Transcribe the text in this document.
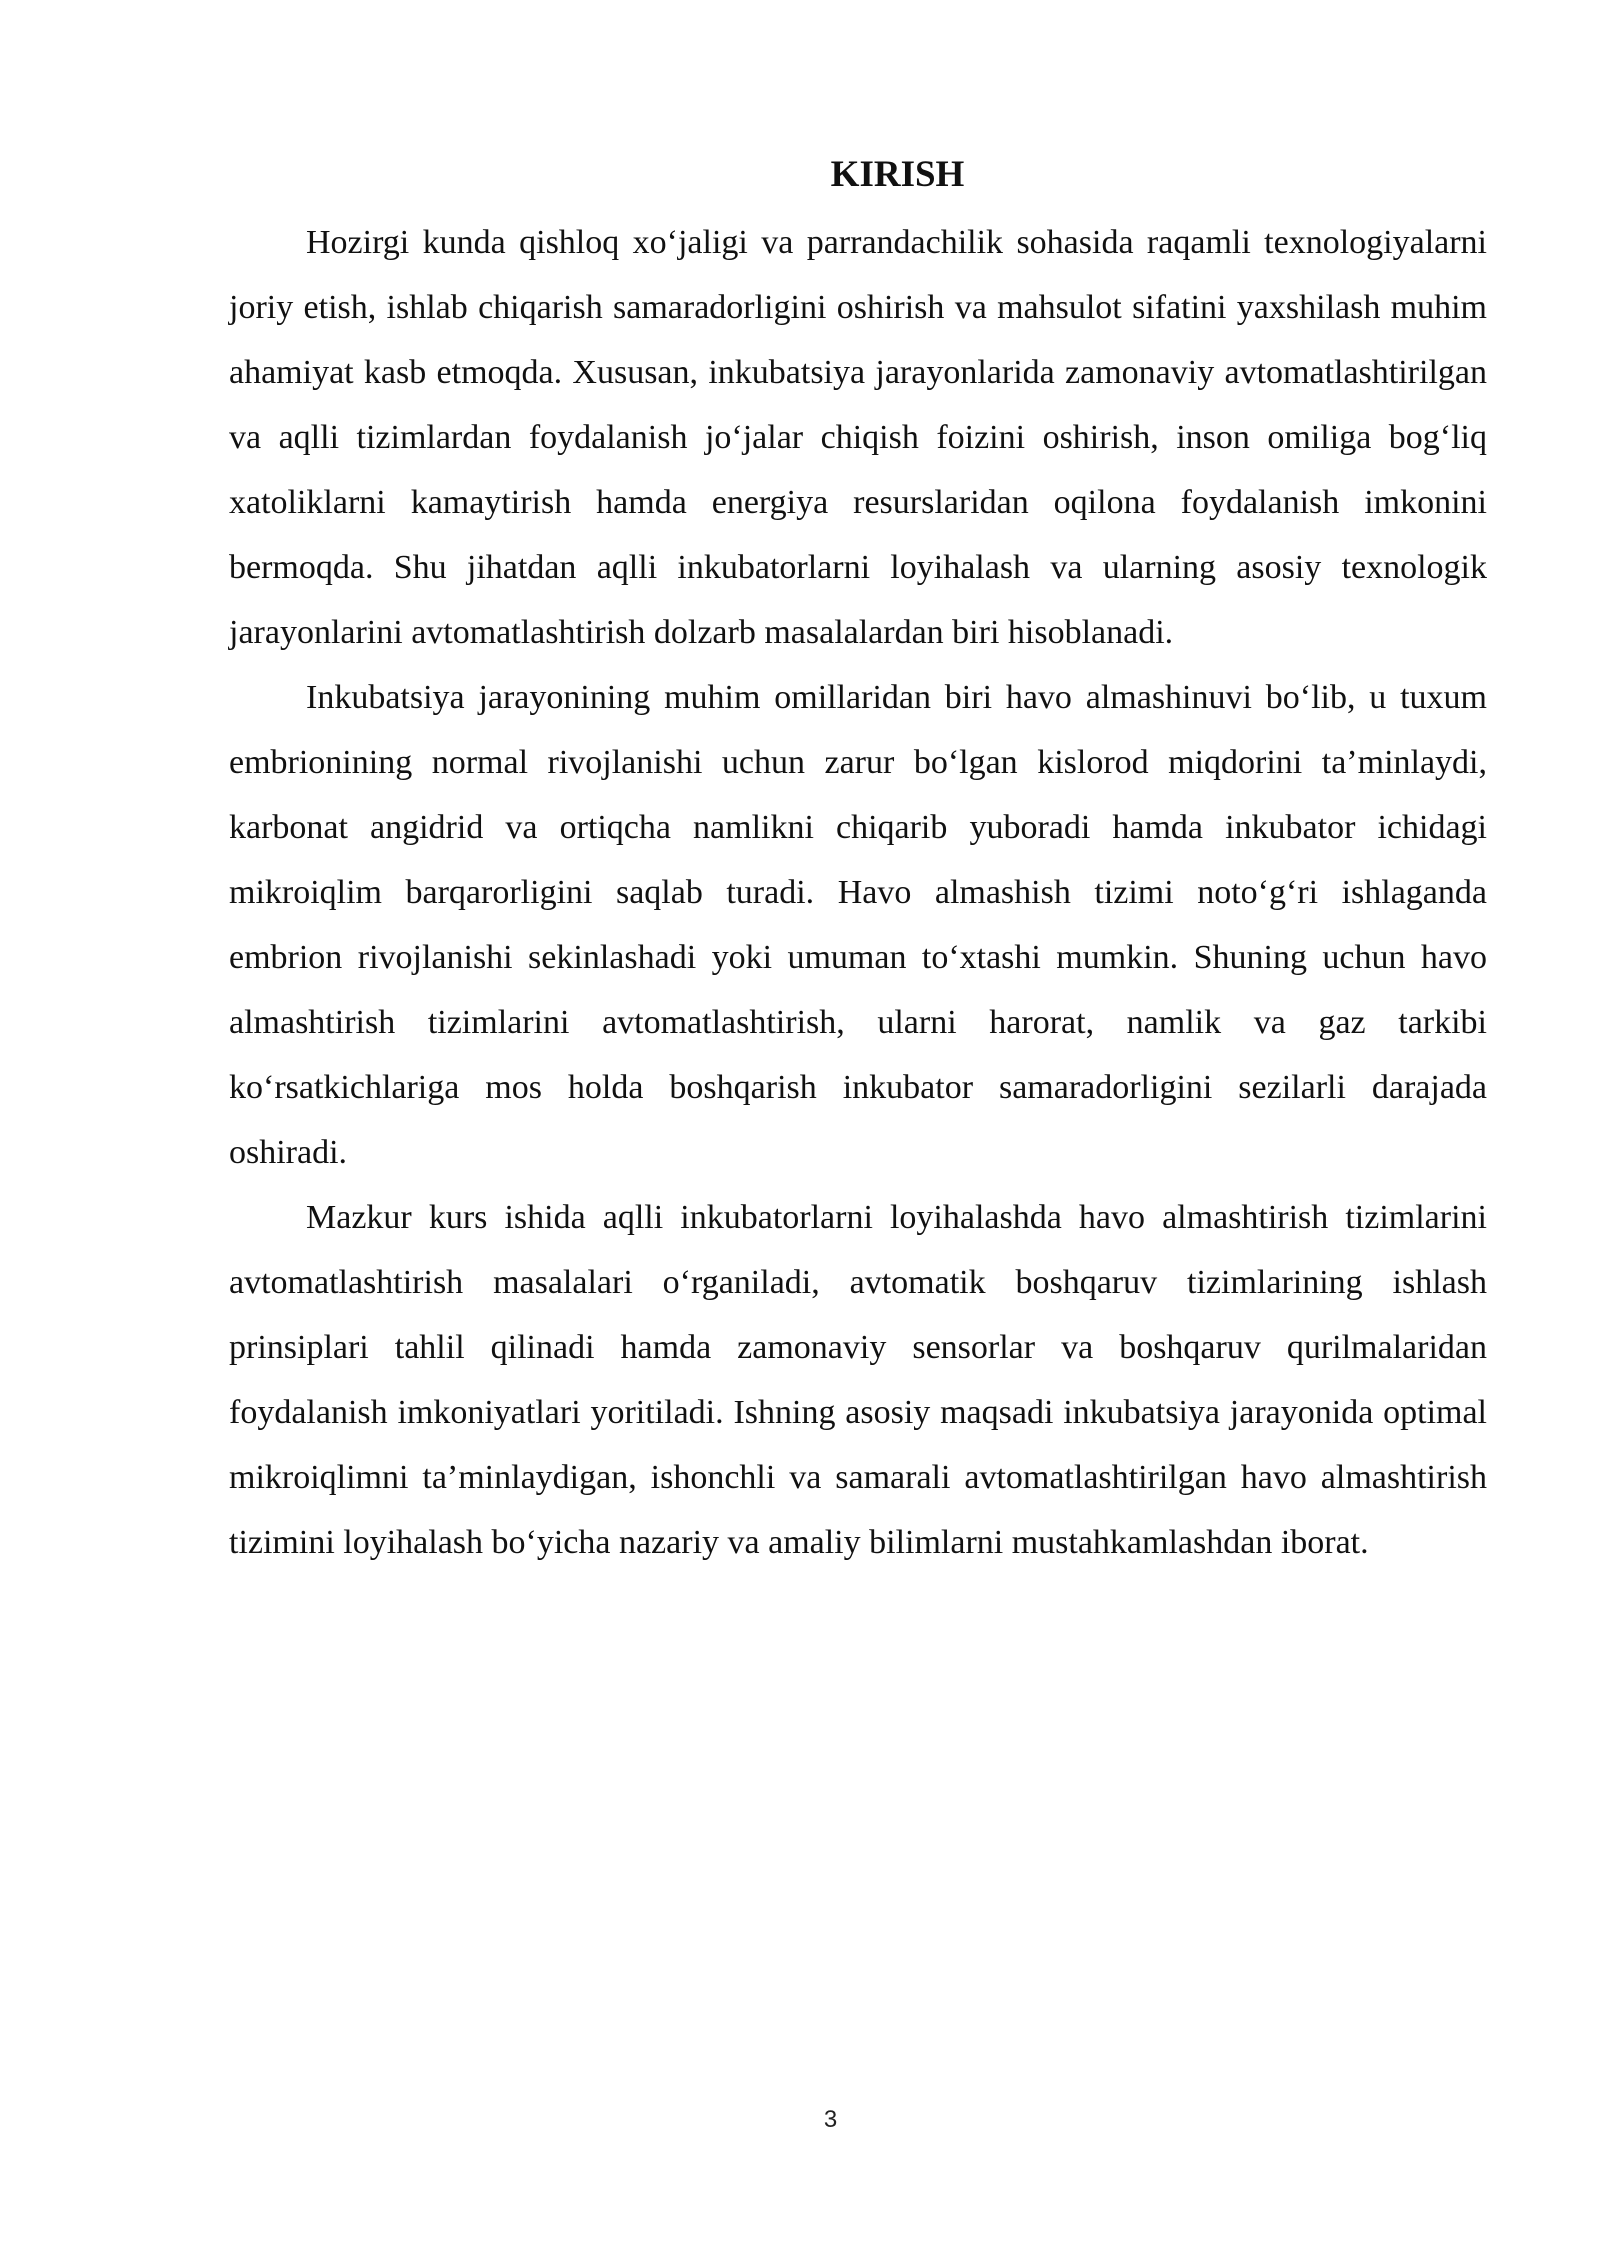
KIRISH

Hozirgi kunda qishloq xo‘jaligi va parrandachilik sohasida raqamli texnologiyalarni joriy etish, ishlab chiqarish samaradorligini oshirish va mahsulot sifatini yaxshilash muhim ahamiyat kasb etmoqda. Xususan, inkubatsiya jarayonlarida zamonaviy avtomatlashtirilgan va aqlli tizimlardan foydalanish jo‘jalar chiqish foizini oshirish, inson omiliga bog‘liq xatoliklarni kamaytirish hamda energiya resurslaridan oqilona foydalanish imkonini bermoqda. Shu jihatdan aqlli inkubatorlarni loyihalash va ularning asosiy texnologik jarayonlarini avtomatlashtirish dolzarb masalalardan biri hisoblanadi.

Inkubatsiya jarayonining muhim omillaridan biri havo almashinuvi bo‘lib, u tuxum embrionining normal rivojlanishi uchun zarur bo‘lgan kislorod miqdorini ta’minlaydi, karbonat angidrid va ortiqcha namlikni chiqarib yuboradi hamda inkubator ichidagi mikroiqlim barqarorligini saqlab turadi. Havo almashish tizimi noto‘g‘ri ishlaganda embrion rivojlanishi sekinlashadi yoki umuman to‘xtashi mumkin. Shuning uchun havo almashtirish tizimlarini avtomatlashtirish, ularni harorat, namlik va gaz tarkibi ko‘rsatkichlariga mos holda boshqarish inkubator samaradorligini sezilarli darajada oshiradi.

Mazkur kurs ishida aqlli inkubatorlarni loyihalashda havo almashtirish tizimlarini avtomatlashtirish masalalari o‘rganiladi, avtomatik boshqaruv tizimlarining ishlash prinsiplari tahlil qilinadi hamda zamonaviy sensorlar va boshqaruv qurilmalaridan foydalanish imkoniyatlari yoritiladi. Ishning asosiy maqsadi inkubatsiya jarayonida optimal mikroiqlimni ta’minlaydigan, ishonchli va samarali avtomatlashtirilgan havo almashtirish tizimini loyihalash bo‘yicha nazariy va amaliy bilimlarni mustahkamlashdan iborat.

3
